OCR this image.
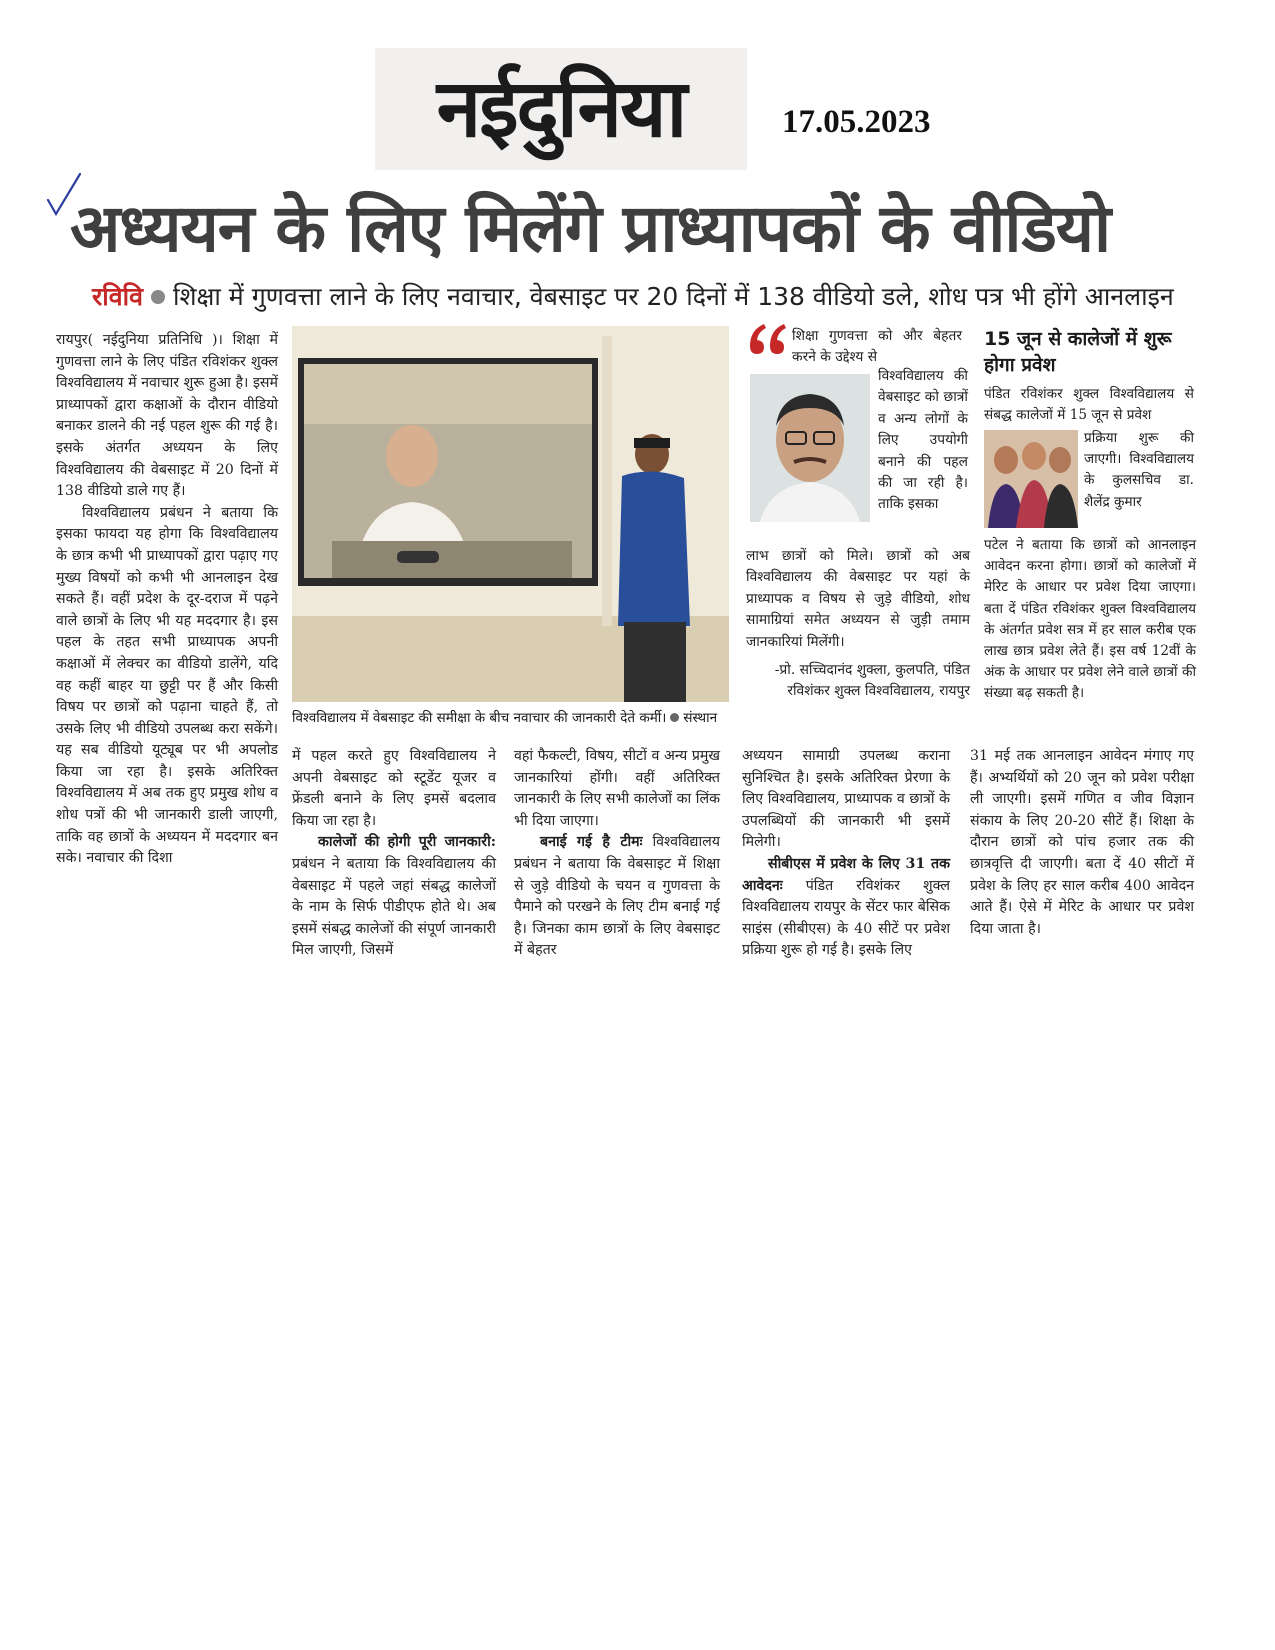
नईदुनिया	17.05.2023
अध्ययन के लिए मिलेंगे प्राध्यापकों के वीडियो
रविवि शिक्षा में गुणवत्ता लाने के लिए नवाचार, वेबसाइट पर 20 दिनों में 138 वीडियो डले, शोध पत्र भी होंगे आनलाइन

रायपुर( नईदुनिया प्रतिनिधि )। शिक्षा में गुणवत्ता लाने के लिए पंडित रविशंकर शुक्ल विश्वविद्यालय में नवाचार शुरू हुआ है। इसमें प्राध्यापकों द्वारा कक्षाओं के दौरान वीडियो बनाकर डालने की नई पहल शुरू की गई है। इसके अंतर्गत अध्ययन के लिए विश्वविद्यालय की वेबसाइट में 20 दिनों में 138 वीडियो डाले गए हैं।

विश्वविद्यालय प्रबंधन ने बताया कि इसका फायदा यह होगा कि विश्वविद्यालय के छात्र कभी भी प्राध्यापकों द्वारा पढ़ाए गए मुख्य विषयों को कभी भी आनलाइन देख सकते हैं। वहीं प्रदेश के दूर-दराज में पढ़ने वाले छात्रों के लिए भी यह मददगार है। इस पहल के तहत सभी प्राध्यापक अपनी कक्षाओं में लेक्चर का वीडियो डालेंगे, यदि वह कहीं बाहर या छुट्टी पर हैं और किसी विषय पर छात्रों को पढ़ाना चाहते हैं, तो उसके लिए भी वीडियो उपलब्ध करा सकेंगे। यह सब वीडियो यूट्यूब पर भी अपलोड किया जा रहा है। इसके अतिरिक्त विश्वविद्यालय में अब तक हुए प्रमुख शोध व शोध पत्रों की भी जानकारी डाली जाएगी, ताकि वह छात्रों के अध्ययन में मददगार बन सके। नवाचार की दिशा

विश्वविद्यालय में वेबसाइट की समीक्षा के बीच नवाचार की जानकारी देते कर्मी। संस्थान
शिक्षा गुणवत्ता को और बेहतर करने के उद्देश्य से
विश्वविद्यालय की वेबसाइट को छात्रों व अन्य लोगों के लिए उपयोगी बनाने की पहल की जा रही है। ताकि इसका
लाभ छात्रों को मिले। छात्रों को अब विश्वविद्यालय की वेबसाइट पर यहां के प्राध्यापक व विषय से जुड़े वीडियो, शोध सामाग्रियां समेत अध्ययन से जुड़ी तमाम जानकारियां मिलेंगी।
-प्रो. सच्चिदानंद शुक्ला, कुलपति, पंडित रविशंकर शुक्ल विश्वविद्यालय, रायपुर
15 जून से कालेजों में शुरू होगा प्रवेश
पंडित रविशंकर शुक्ल विश्वविद्यालय से संबद्ध कालेजों में 15 जून से प्रवेश
प्रक्रिया शुरू की जाएगी। विश्वविद्यालय के कुलसचिव डा. शैलेंद्र कुमार
पटेल ने बताया कि छात्रों को आनलाइन आवेदन करना होगा। छात्रों को कालेजों में मेरिट के आधार पर प्रवेश दिया जाएगा। बता दें पंडित रविशंकर शुक्ल विश्वविद्यालय के अंतर्गत प्रवेश सत्र में हर साल करीब एक लाख छात्र प्रवेश लेते हैं। इस वर्ष 12वीं के अंक के आधार पर प्रवेश लेने वाले छात्रों की संख्या बढ़ सकती है।

में पहल करते हुए विश्वविद्यालय ने अपनी वेबसाइट को स्टूडेंट यूजर व फ्रेंडली बनाने के लिए इमसें बदलाव किया जा रहा है।

कालेजों की होगी पूरी जानकारी: प्रबंधन ने बताया कि विश्वविद्यालय की वेबसाइट में पहले जहां संबद्ध कालेजों के नाम के सिर्फ पीडीएफ होते थे। अब इसमें संबद्ध कालेजों की संपूर्ण जानकारी मिल जाएगी, जिसमें

वहां फैकल्टी, विषय, सीटों व अन्य प्रमुख जानकारियां होंगी। वहीं अतिरिक्त जानकारी के लिए सभी कालेजों का लिंक भी दिया जाएगा।

बनाई गई है टीमः विश्वविद्यालय प्रबंधन ने बताया कि वेबसाइट में शिक्षा से जुड़े वीडियो के चयन व गुणवत्ता के पैमाने को परखने के लिए टीम बनाई गई है। जिनका काम छात्रों के लिए वेबसाइट में बेहतर

अध्ययन सामाग्री उपलब्ध कराना सुनिश्चित है। इसके अतिरिक्त प्रेरणा के लिए विश्वविद्यालय, प्राध्यापक व छात्रों के उपलब्धियों की जानकारी भी इसमें मिलेगी।

सीबीएस में प्रवेश के लिए 31 तक आवेदनः पंडित रविशंकर शुक्ल विश्वविद्यालय रायपुर के सेंटर फार बेसिक साइंस (सीबीएस) के 40 सीटें पर प्रवेश प्रक्रिया शुरू हो गई है। इसके लिए

31 मई तक आनलाइन आवेदन मंगाए गए हैं। अभ्यर्थियों को 20 जून को प्रवेश परीक्षा ली जाएगी। इसमें गणित व जीव विज्ञान संकाय के लिए 20-20 सीटें हैं। शिक्षा के दौरान छात्रों को पांच हजार तक की छात्रवृत्ति दी जाएगी। बता दें 40 सीटों में प्रवेश के लिए हर साल करीब 400 आवेदन आते हैं। ऐसे में मेरिट के आधार पर प्रवेश दिया जाता है।
